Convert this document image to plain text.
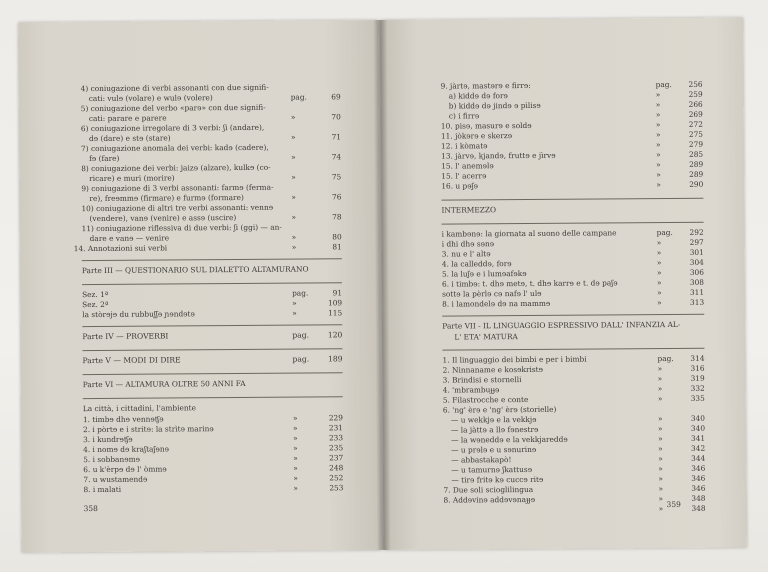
4) coniugazione di verbi assonanti con due signifi-
cati: vulɘ (volare) e wulɘ (volere)	pag.	69
5) coniugazione del verbo «parɘ» con due signifi-
cati: parare e parere	»	70
6) coniugazione irregolare di 3 verbi: ʃi (andare),
dɘ (dare) e stɘ (stare)	»	71
7) coniugazione anomala dei verbi: kadɘ (cadere),
fɘ (fare)	»	74
8) coniugazione dei verbi: jaizɘ (alzare), kulkɘ (co-
ricare) e muri (morire)	»	75
9) coniugazione di 3 verbi assonanti: farmɘ (ferma-
re), freɘmmɘ (firmare) e furmɘ (formare)	»	76
10) coniugazione di altri tre verbi assonanti: vennɘ
(vendere), vanɘ (venire) e assɘ (uscire)	»	78
11) coniugazione riflessiva di due verbi: ʃi (ggi) — an-
dare e vanɘ — venire	»	80
14. Annotazioni sui verbi	»	81
Parte III — QUESTIONARIO SUL DIALETTO ALTAMURANO
Sez. 1ª	pag.	91
Sez. 2ª	»	109
la stòrɘjɘ du rubbuʃʃɘ ɲɘndɘtɘ	»	115
Parte IV — PROVERBI	pag. 120
Parte V — MODI DI DIRE	pag. 189
Parte VI — ALTAMURA OLTRE 50 ANNI FA
La città, i cittadini, l'ambiente
1. timbɘ dhɘ vennɘʧɘ	»	229
2. i pòrtɘ e i stritɘ: la strìtɘ marinɘ	»	231
3. i kundrɘʧɘ	»	233
4. i nomɘ dɘ kraʃtaʃɘnɘ	»	235
5. i sobbanɘmɘ	»	237
6. u k'èrpɘ dɘ l' òmmɘ	»	248
7. u wustamendɘ	»	252
8. i malati	»	253
358
9. jàrtɘ, mastɘrɘ e firrɘ:	pag. 256
a) kiddɘ dɘ forɘ	»	259
b) kiddɘ dɘ jindɘ ɘ pìlisɘ	»	266
c) i firrɘ	»	269
10. pisɘ, masurɘ e soldɘ	»	272
11. jòkɘrɘ e skerzɘ	»	275
12. i kòmatɘ	»	279
13. jàrvɘ, kjandɘ, fruttɘ e jìrvɘ	»	285
15. l' anemɘlɘ	»	289
15. l' acerrɘ	»	289
16. u pɘʃɘ	»	290
INTERMEZZO
i kambɘnɘ: la giornata al suono delle campane	pag. 292
i dhi dhɘ sɘnɘ	»	297
3. nu e l' altɘ	»	301
4. la calleddɘ, forɘ	»	304
5. la luʃɘ e i lumɘafɘkɘ	»	306
6. i timbɘ: t. dhɘ metɘ, t. dhɘ karrɘ e t. dɘ paʃɘ	»	308
sottɘ la pèrlɘ cɘ nafɘ l' ulɘ	»	311
8. i lamondelɘ dɘ na mammɘ	»	313
Parte VII - IL LINGUAGGIO ESPRESSIVO DALL' INFANZIA AL-
L' ETA' MATURA
1. Il linguaggio dei bimbi e per i bimbi	pag. 314
2. Ninnaname e kosɘkristɘ	»	316
3. Brindisi e stornelli	»	319
4. 'mbrambuɟɟɘ	»	332
5. Filastrocche e conte	»	335
6. 'ng' èrɘ e 'ng' èrɘ (storielle)
— u wekkjɘ e la vekkjɘ	»	340
— la jàttɘ a llɘ fɘnestrɘ	»	340
— la wɘneddɘ e la vekkjareddɘ	»	341
— u prɘlɘ e u sɘnurinɘ	»	342
— abbastakapò!	»	344
— u tamurnɘ ʃkattusɘ	»	346
— tirɘ fritɘ kɘ cuccɘ ritɘ	»	346
7. Due soli scioglilingua	»	346
8. Addɘvinɘ addɘvɘnaɟɟɘ	»	348
»	348
359
